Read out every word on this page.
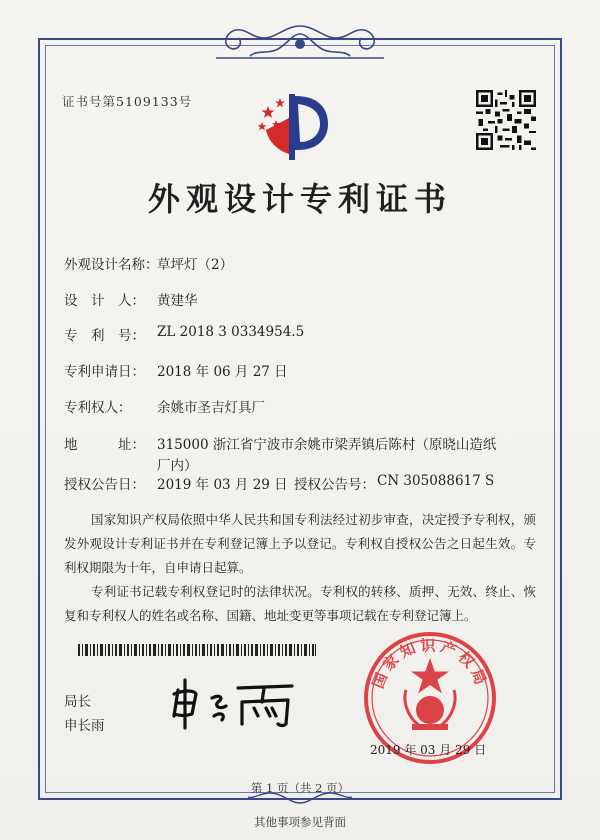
证书号第5109133号
外观设计专利证书
外观设计名称：
草坪灯（2）
设　计　人： 黄建华
专　利　号： ZL 2018 3 0334954.5
专利申请日： 2018 年 06 月 27 日
专利权人： 余姚市圣吉灯具厂
地　　　址： 315000 浙江省宁波市余姚市梁弄镇后陈村（原晓山造纸
厂内）
授权公告日： 2019 年 03 月 29 日 授权公告号： CN 305088617 S

国家知识产权局依照中华人民共和国专利法经过初步审查，决定授予专利权，颁发外观设计专利证书并在专利登记簿上予以登记。专利权自授权公告之日起生效。专利权期限为十年，自申请日起算。

专利证书记载专利权登记时的法律状况。专利权的转移、质押、无效、终止、恢复和专利权人的姓名或名称、国籍、地址变更等事项记载在专利登记簿上。

局长
申长雨
国家知识产权局
2019 年 03 月 29 日
第 1 页（共 2 页）
其他事项参见背面
